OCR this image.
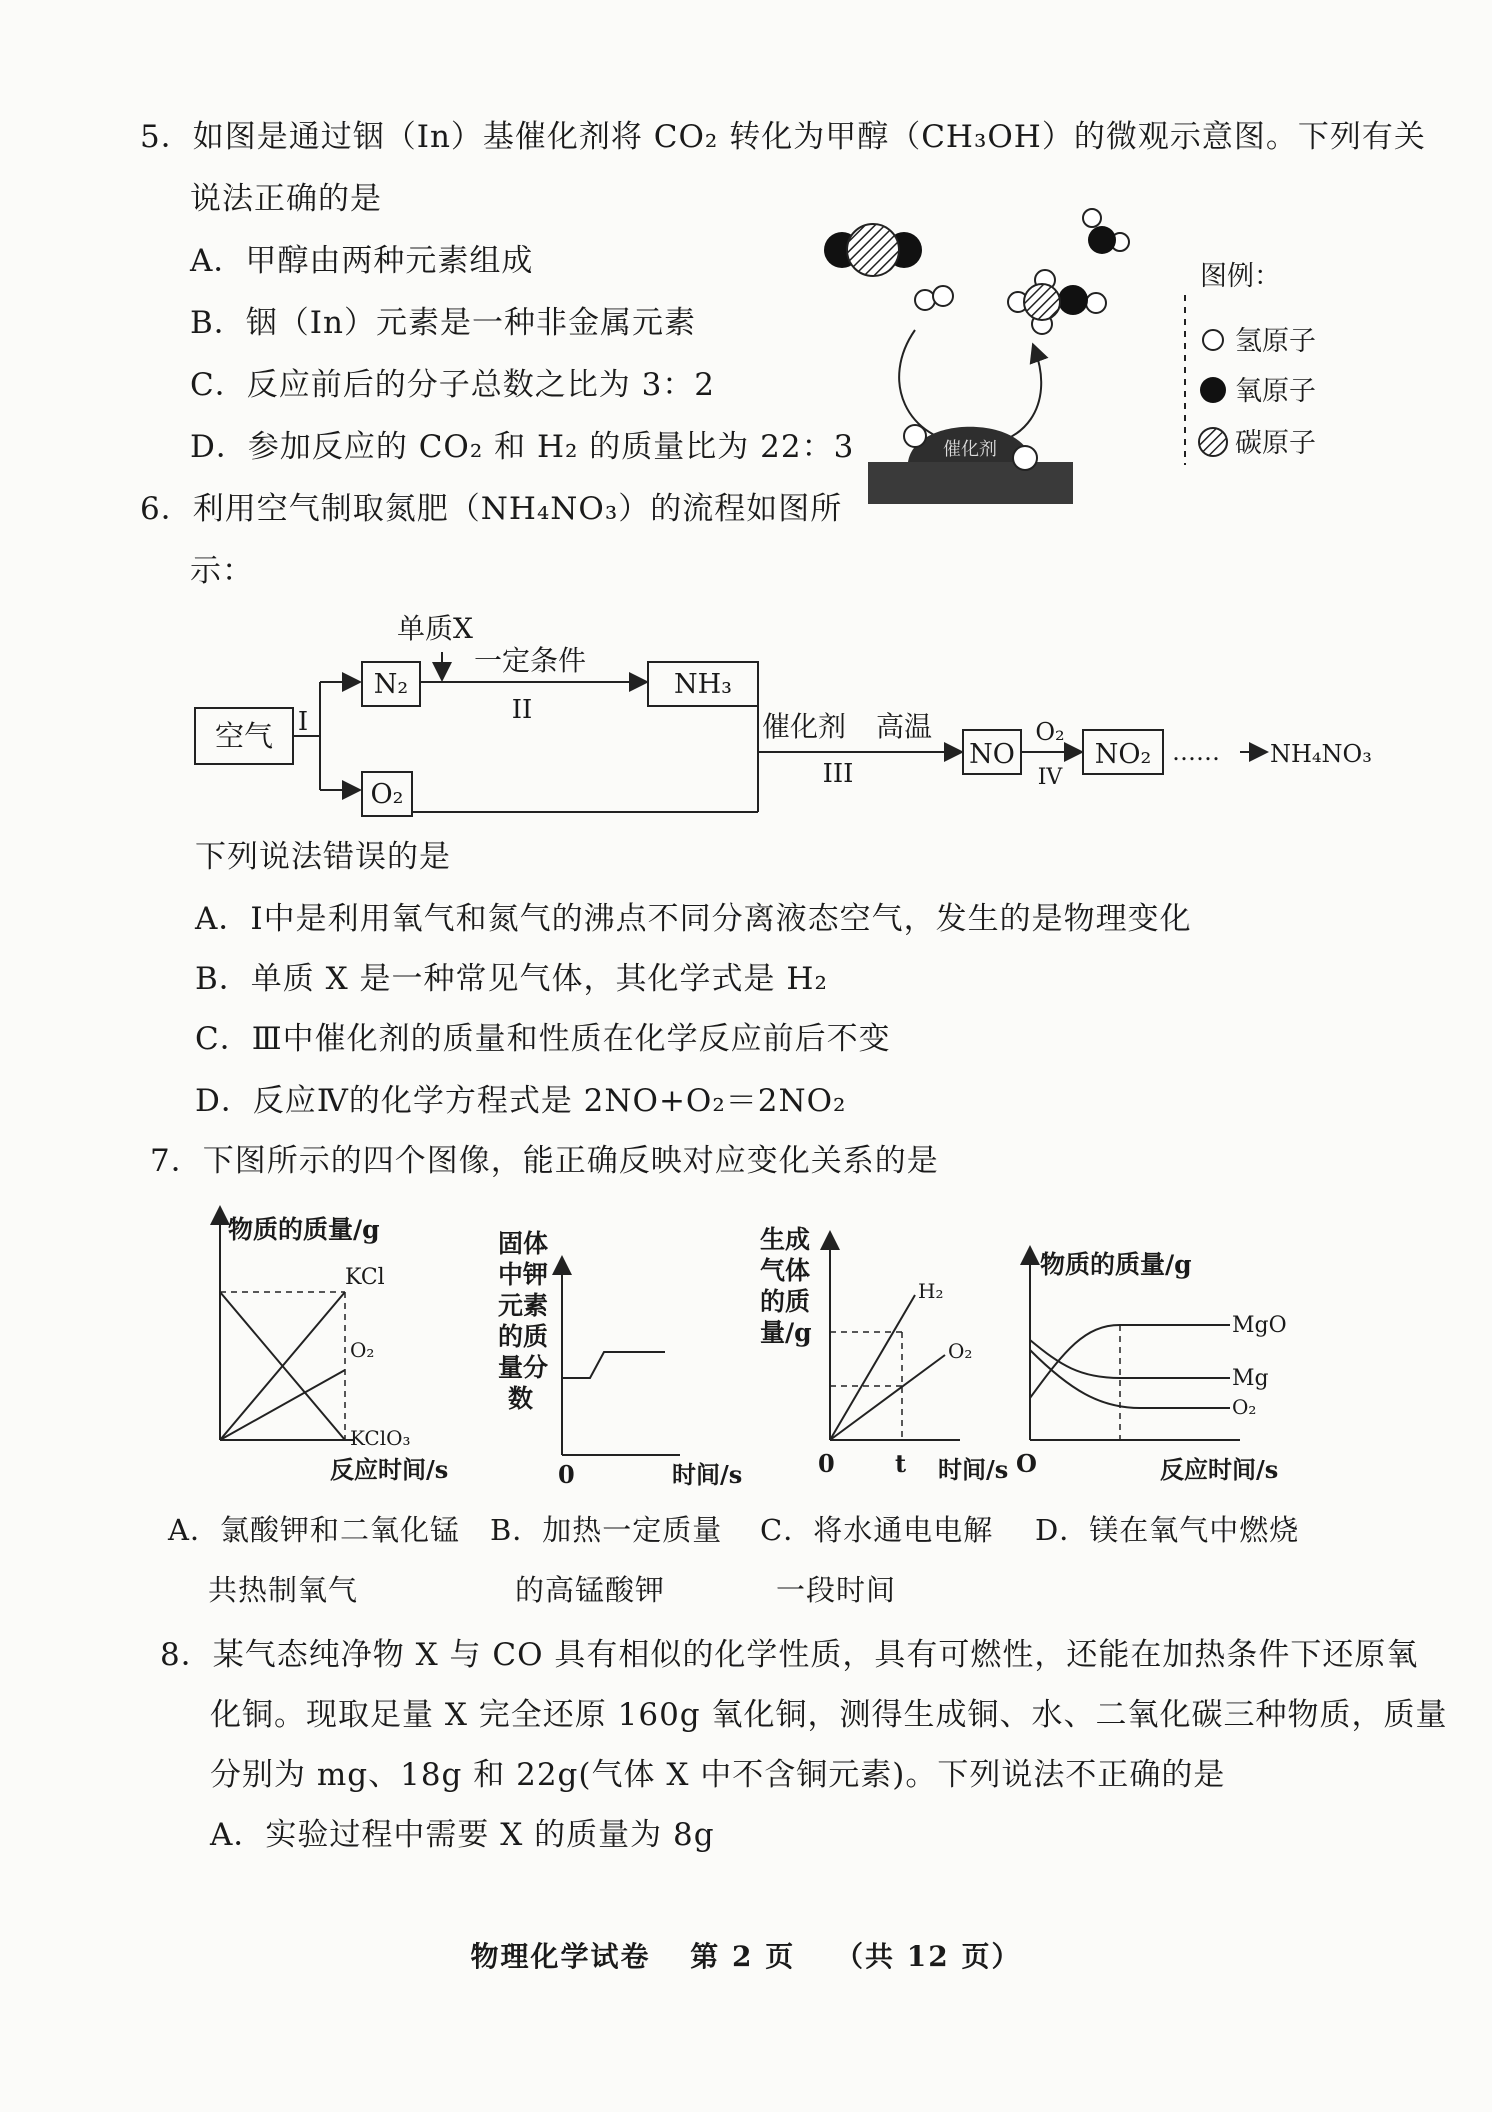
5．如图是通过铟（In）基催化剂将 CO₂ 转化为甲醇（CH₃OH）的微观示意图。下列有关
说法正确的是
A．甲醇由两种元素组成
B．铟（In）元素是一种非金属元素
C．反应前后的分子总数之比为 3：2
D．参加反应的 CO₂ 和 H₂ 的质量比为 22：3	催化剂
图例：
氢原子
氧原子
碳原子
6．利用空气制取氮肥（NH₄NO₃）的流程如图所
示：
空气 I
N₂
O₂
单质X
一定条件
II
NH₃
催化剂 高温
III
NO
O₂
IV
NO₂ …… NH₄NO₃
下列说法错误的是
A．Ⅰ中是利用氧气和氮气的沸点不同分离液态空气，发生的是物理变化
B．单质 X 是一种常见气体，其化学式是 H₂
C．Ⅲ中催化剂的质量和性质在化学反应前后不变
D．反应Ⅳ的化学方程式是 2NO+O₂＝2NO₂
7．下图所示的四个图像，能正确反映对应变化关系的是
物质的质量/g
KCl
O₂
KClO₃
反应时间/s
固体
中钾
元素
的质
量分
数
0	时间/s
生成
气体
的质
量/g
H₂
O₂
0	t 时间/s
物质的质量/g
MgO
Mg
O₂
O	反应时间/s
A．氯酸钾和二氧化锰
共热制氧气
B．加热一定质量
的高锰酸钾
C．将水通电电解
一段时间
D．镁在氧气中燃烧
8．某气态纯净物 X 与 CO 具有相似的化学性质，具有可燃性，还能在加热条件下还原氧
化铜。现取足量 X 完全还原 160g 氧化铜，测得生成铜、水、二氧化碳三种物质，质量
分别为 mg、18g 和 22g(气体 X 中不含铜元素)。下列说法不正确的是
A．实验过程中需要 X 的质量为 8g
物理化学试卷 第 2 页 （共 12 页）
